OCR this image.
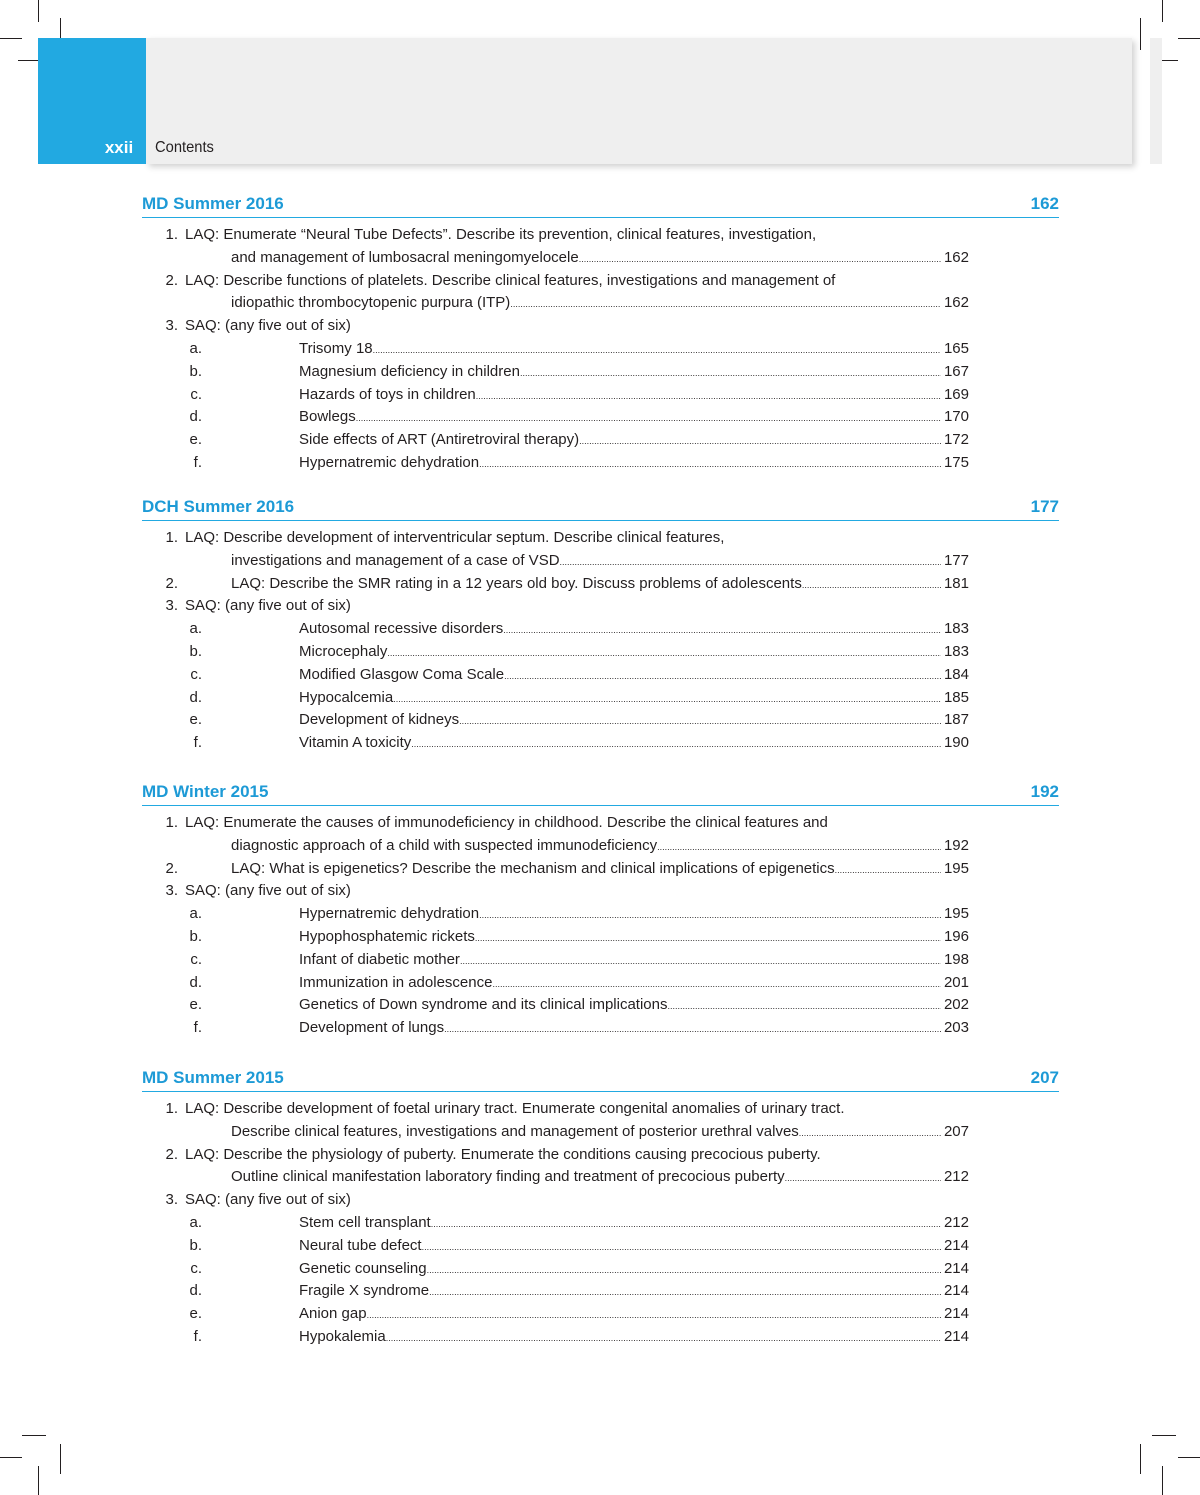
xxii	Contents
MD Summer 2016	162
1. LAQ: Enumerate “Neural Tube Defects”. Describe its prevention, clinical features, investigation,
and management of lumbosacral meningomyelocele .....	162
2. LAQ: Describe functions of platelets. Describe clinical features, investigations and management of
idiopathic thrombocytopenic purpura (ITP) .....	162
3. SAQ: (any five out of six)
a.	Trisomy 18 .....	165
b.	Magnesium deficiency in children .....	167
c.	Hazards of toys in children .....	169
d.	Bowlegs .....	170
e.	Side effects of ART (Antiretroviral therapy) .....	172
f.	Hypernatremic dehydration .....	175
DCH Summer 2016	177
1. LAQ: Describe development of interventricular septum. Describe clinical features,
investigations and management of a case of VSD .....	177
2.	LAQ: Describe the SMR rating in a 12 years old boy. Discuss problems of adolescents .....	181
3. SAQ: (any five out of six)
a.	Autosomal recessive disorders .....	183
b.	Microcephaly .....	183
c.	Modified Glasgow Coma Scale .....	184
d.	Hypocalcemia .....	185
e.	Development of kidneys .....	187
f.	Vitamin A toxicity .....	190
MD Winter 2015	192
1. LAQ: Enumerate the causes of immunodeficiency in childhood. Describe the clinical features and
diagnostic approach of a child with suspected immunodeficiency .....	192
2.	LAQ: What is epigenetics? Describe the mechanism and clinical implications of epigenetics .....	195
3. SAQ: (any five out of six)
a.	Hypernatremic dehydration .....	195
b.	Hypophosphatemic rickets .....	196
c.	Infant of diabetic mother .....	198
d.	Immunization in adolescence .....	201
e.	Genetics of Down syndrome and its clinical implications .....	202
f.	Development of lungs .....	203
MD Summer 2015	207
1. LAQ: Describe development of foetal urinary tract. Enumerate congenital anomalies of urinary tract.
Describe clinical features, investigations and management of posterior urethral valves .....	207
2. LAQ: Describe the physiology of puberty. Enumerate the conditions causing precocious puberty.
Outline clinical manifestation laboratory finding and treatment of precocious puberty .....	212
3. SAQ: (any five out of six)
a.	Stem cell transplant .....	212
b.	Neural tube defect .....	214
c.	Genetic counseling .....	214
d.	Fragile X syndrome .....	214
e.	Anion gap .....	214
f.	Hypokalemia .....	214
